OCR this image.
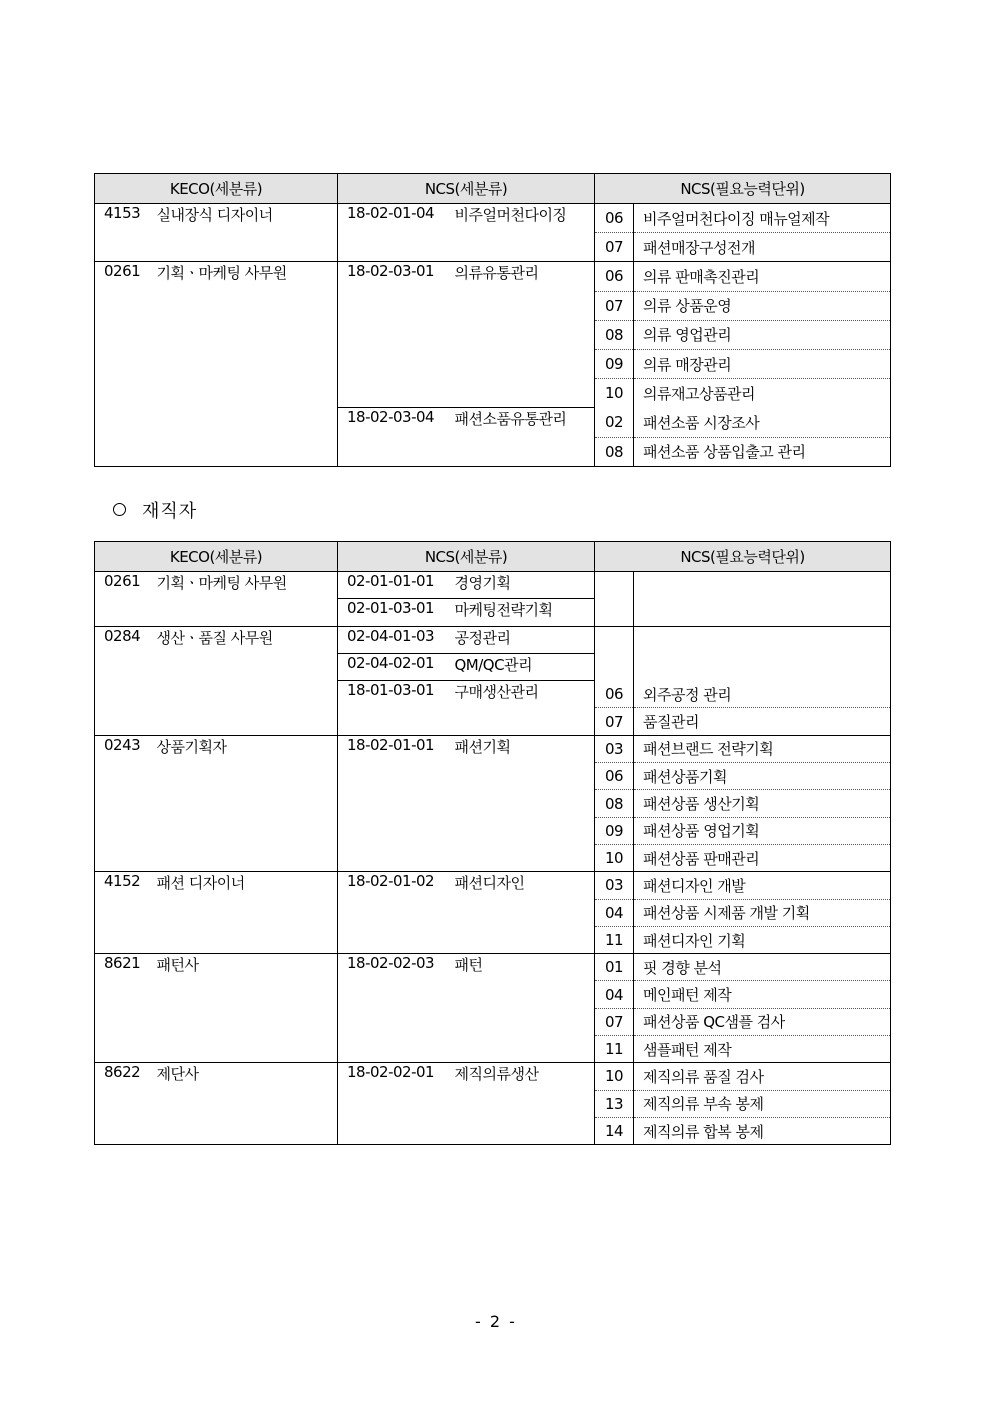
KECO(세분류)		NCS(세분류)		NCS(필요능력단위)	
4153	실내장식 디자이너	18-02-01-04	비주얼머천다이징	06	비주얼머천다이징 매뉴얼제작
				07	패션매장구성전개
0261	기획ㆍ마케팅 사무원	18-02-03-01	의류유통관리	06	의류 판매촉진관리
				07	의류 상품운영
				08	의류 영업관리
				09	의류 매장관리
				10	의류재고상품관리
		18-02-03-04	패션소품유통관리	02	패션소품 시장조사
				08	패션소품 상품입출고 관리
재직자
KECO(세분류)		NCS(세분류)		NCS(필요능력단위)	
0261	기획ㆍ마케팅 사무원	02-01-01-01	경영기획		
		02-01-03-01	마케팅전략기획		
0284	생산ㆍ품질 사무원	02-04-01-03	공정관리		
		02-04-02-01	QM/QC관리		
		18-01-03-01	구매생산관리	06	외주공정 관리
				07	품질관리
0243	상품기획자	18-02-01-01	패션기획	03	패션브랜드 전략기획
				06	패션상품기획
				08	패션상품 생산기획
				09	패션상품 영업기획
				10	패션상품 판매관리
4152	패션 디자이너	18-02-01-02	패션디자인	03	패션디자인 개발
				04	패션상품 시제품 개발 기획
				11	패션디자인 기획
8621	패턴사	18-02-02-03	패턴	01	핏 경향 분석
				04	메인패턴 제작
				07	패션상품 QC샘플 검사
				11	샘플패턴 제작
8622	제단사	18-02-02-01	제직의류생산	10	제직의류 품질 검사
				13	제직의류 부속 봉제
				14	제직의류 합복 봉제
- 2 -
